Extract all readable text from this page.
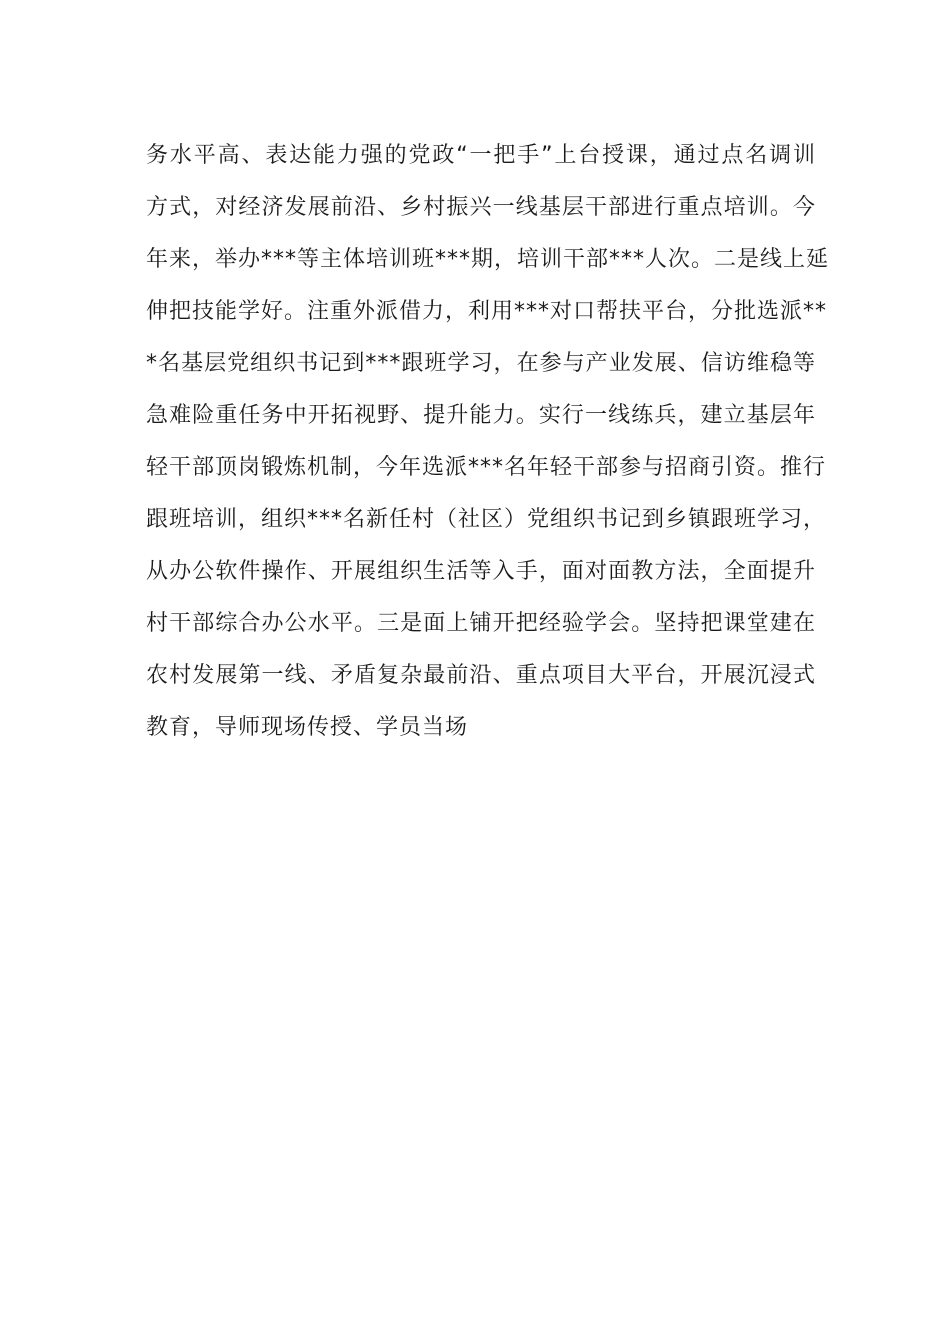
务水平高、表达能力强的党政“一把手”上台授课，通过点名调训
方式，对经济发展前沿、乡村振兴一线基层干部进行重点培训。今
年来，举办***等主体培训班***期，培训干部***人次。二是线上延
伸把技能学好。注重外派借力，利用***对口帮扶平台，分批选派**
*名基层党组织书记到***跟班学习，在参与产业发展、信访维稳等
急难险重任务中开拓视野、提升能力。实行一线练兵，建立基层年
轻干部顶岗锻炼机制，今年选派***名年轻干部参与招商引资。推行
跟班培训，组织***名新任村（社区）党组织书记到乡镇跟班学习，
从办公软件操作、开展组织生活等入手，面对面教方法，全面提升
村干部综合办公水平。三是面上铺开把经验学会。坚持把课堂建在
农村发展第一线、矛盾复杂最前沿、重点项目大平台，开展沉浸式
教育，导师现场传授、学员当场
